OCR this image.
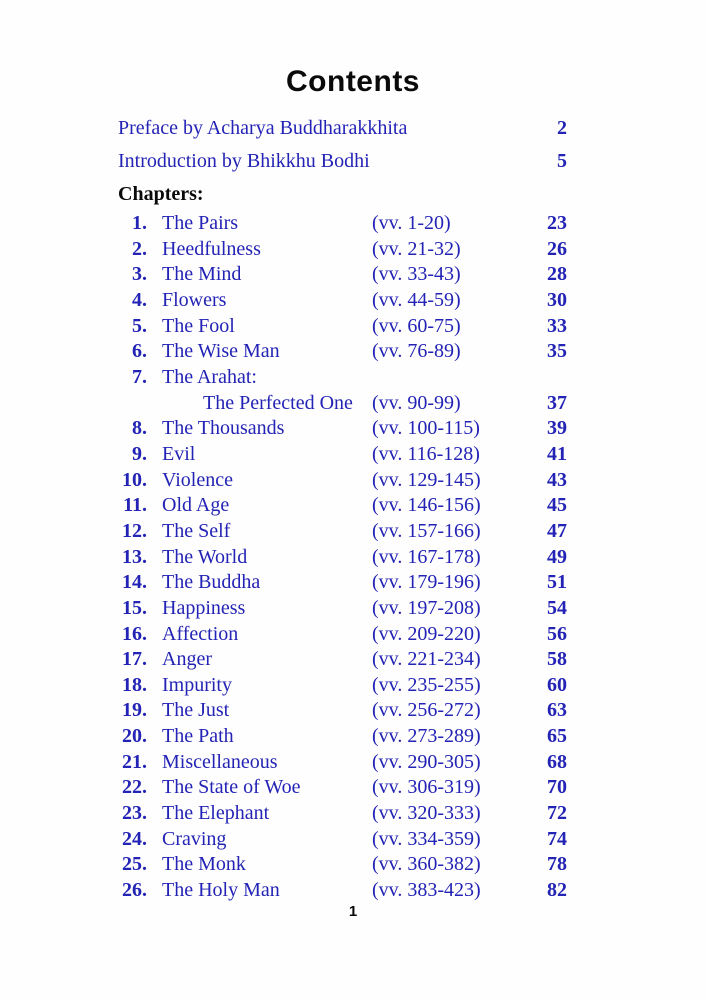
Contents
Preface by Acharya Buddharakkhita	2
Introduction by Bhikkhu Bodhi	5
Chapters:
1. The Pairs	(vv. 1-20)	23
2. Heedfulness	(vv. 21-32)	26
3. The Mind	(vv. 33-43)	28
4. Flowers	(vv. 44-59)	30
5. The Fool	(vv. 60-75)	33
6. The Wise Man	(vv. 76-89)	35
7. The Arahat:
The Perfected One (vv. 90-99)	37
8. The Thousands	(vv. 100-115)	39
9. Evil	(vv. 116-128)	41
10. Violence	(vv. 129-145)	43
11. Old Age	(vv. 146-156)	45
12. The Self	(vv. 157-166)	47
13. The World	(vv. 167-178)	49
14. The Buddha	(vv. 179-196)	51
15. Happiness	(vv. 197-208)	54
16. Affection	(vv. 209-220)	56
17. Anger	(vv. 221-234)	58
18. Impurity	(vv. 235-255)	60
19. The Just	(vv. 256-272)	63
20. The Path	(vv. 273-289)	65
21. Miscellaneous	(vv. 290-305)	68
22. The State of Woe	(vv. 306-319)	70
23. The Elephant	(vv. 320-333)	72
24. Craving	(vv. 334-359)	74
25. The Monk	(vv. 360-382)	78
26. The Holy Man	(vv. 383-423)	82
1
